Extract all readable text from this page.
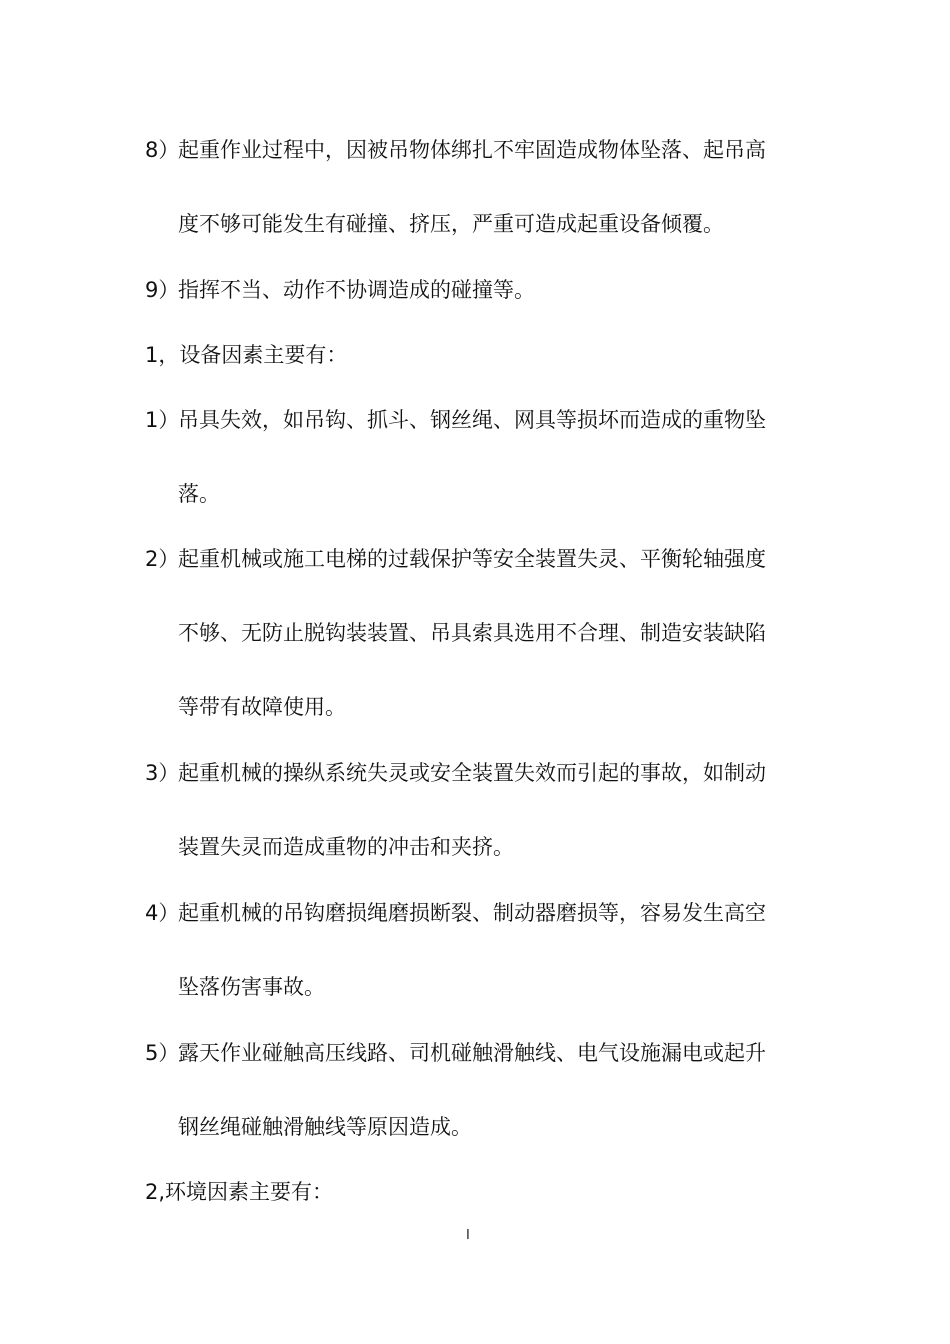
8）
起重作业过程中，因被吊物体绑扎不牢固造成物体坠落、起吊高
度不够可能发生有碰撞、挤压，严重可造成起重设备倾覆。
9）
指挥不当、动作不协调造成的碰撞等。
1，设备因素主要有：
1）
吊具失效，如吊钩、抓斗、钢丝绳、网具等损坏而造成的重物坠
落。
2）
起重机械或施工电梯的过载保护等安全装置失灵、平衡轮轴强度
不够、无防止脱钩装装置、吊具索具选用不合理、制造安装缺陷
等带有故障使用。
3）
起重机械的操纵系统失灵或安全装置失效而引起的事故，如制动
装置失灵而造成重物的冲击和夹挤。
4）
起重机械的吊钩磨损绳磨损断裂、制动器磨损等，容易发生高空
坠落伤害事故。
5）
露天作业碰触高压线路、司机碰触滑触线、电气设施漏电或起升
钢丝绳碰触滑触线等原因造成。
2,环境因素主要有：
I
